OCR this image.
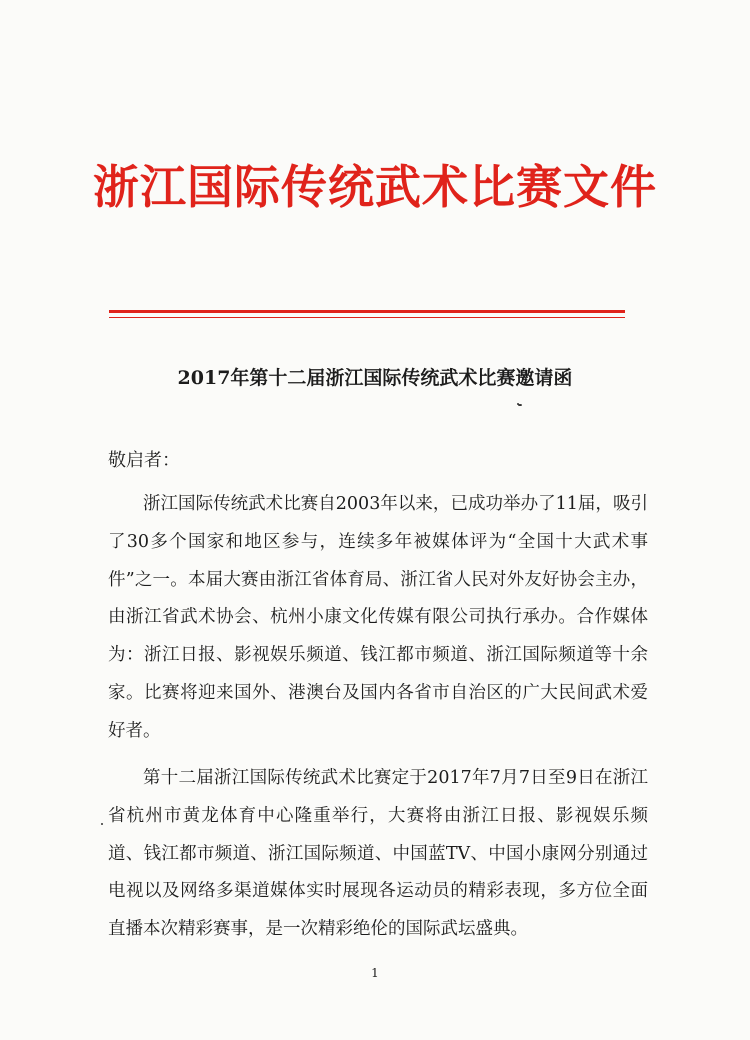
浙江国际传统武术比赛文件
2017年第十二届浙江国际传统武术比赛邀请函
敬启者：

浙江国际传统武术比赛自2003年以来，已成功举办了11届，吸引了30多个国家和地区参与，连续多年被媒体评为“全国十大武术事件”之一。本届大赛由浙江省体育局、浙江省人民对外友好协会主办，由浙江省武术协会、杭州小康文化传媒有限公司执行承办。合作媒体为：浙江日报、影视娱乐频道、钱江都市频道、浙江国际频道等十余家。比赛将迎来国外、港澳台及国内各省市自治区的广大民间武术爱好者。

第十二届浙江国际传统武术比赛定于2017年7月7日至9日在浙江省杭州市黄龙体育中心隆重举行，大赛将由浙江日报、影视娱乐频道、钱江都市频道、浙江国际频道、中国蓝TV、中国小康网分别通过电视以及网络多渠道媒体实时展现各运动员的精彩表现，多方位全面直播本次精彩赛事，是一次精彩绝伦的国际武坛盛典。

1
